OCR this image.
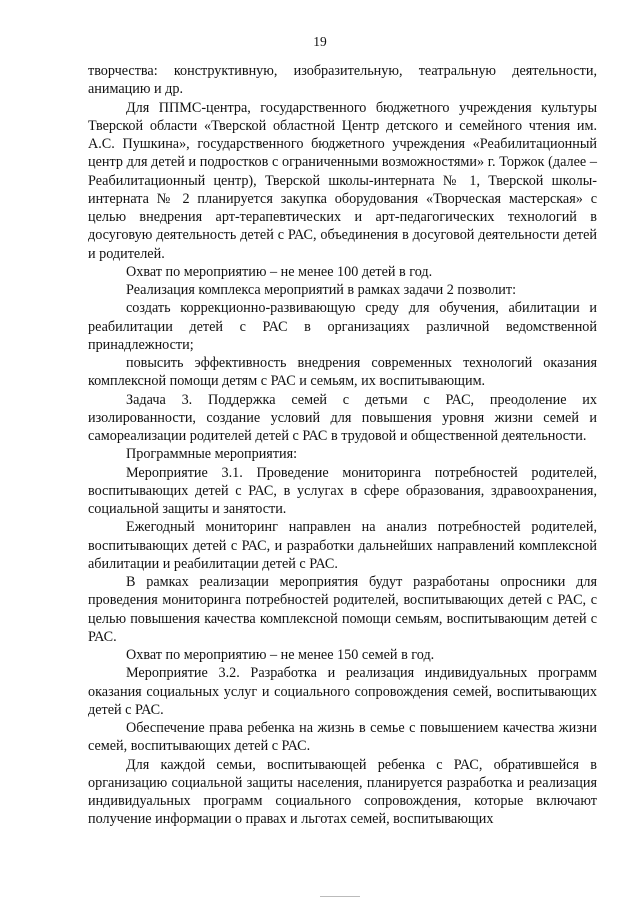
19

творчества: конструктивную, изобразительную, театральную деятельности, анимацию и др.

Для ППМС-центра, государственного бюджетного учреждения культуры Тверской области «Тверской областной Центр детского и семейного чтения им. А.С. Пушкина», государственного бюджетного учреждения «Реабилитационный центр для детей и подростков с ограниченными возможностями» г. Торжок (далее – Реабилитационный центр), Тверской школы-интерната № 1, Тверской школы-интерната № 2 планируется закупка оборудования «Творческая мастерская» с целью внедрения арт-терапевтических и арт-педагогических технологий в досуговую деятельность детей с РАС, объединения в досуговой деятельности детей и родителей.

Охват по мероприятию – не менее 100 детей в год.

Реализация комплекса мероприятий в рамках задачи 2 позволит:

создать коррекционно-развивающую среду для обучения, абилитации и реабилитации детей с РАС в организациях различной ведомственной принадлежности;

повысить эффективность внедрения современных технологий оказания комплексной помощи детям с РАС и семьям, их воспитывающим.

Задача 3. Поддержка семей с детьми с РАС, преодоление их изолированности, создание условий для повышения уровня жизни семей и самореализации родителей детей с РАС в трудовой и общественной деятельности.

Программные мероприятия:

Мероприятие 3.1. Проведение мониторинга потребностей родителей, воспитывающих детей с РАС, в услугах в сфере образования, здравоохранения, социальной защиты и занятости.

Ежегодный мониторинг направлен на анализ потребностей родителей, воспитывающих детей с РАС, и разработки дальнейших направлений комплексной абилитации и реабилитации детей с РАС.

В рамках реализации мероприятия будут разработаны опросники для проведения мониторинга потребностей родителей, воспитывающих детей с РАС, с целью повышения качества комплексной помощи семьям, воспитывающим детей с РАС.

Охват по мероприятию – не менее 150 семей в год.

Мероприятие 3.2. Разработка и реализация индивидуальных программ оказания социальных услуг и социального сопровождения семей, воспитывающих детей с РАС.

Обеспечение права ребенка на жизнь в семье с повышением качества жизни семей, воспитывающих детей с РАС.

Для каждой семьи, воспитывающей ребенка с РАС, обратившейся в организацию социальной защиты населения, планируется разработка и реализация индивидуальных программ социального сопровождения, которые включают получение информации о правах и льготах семей, воспитывающих
